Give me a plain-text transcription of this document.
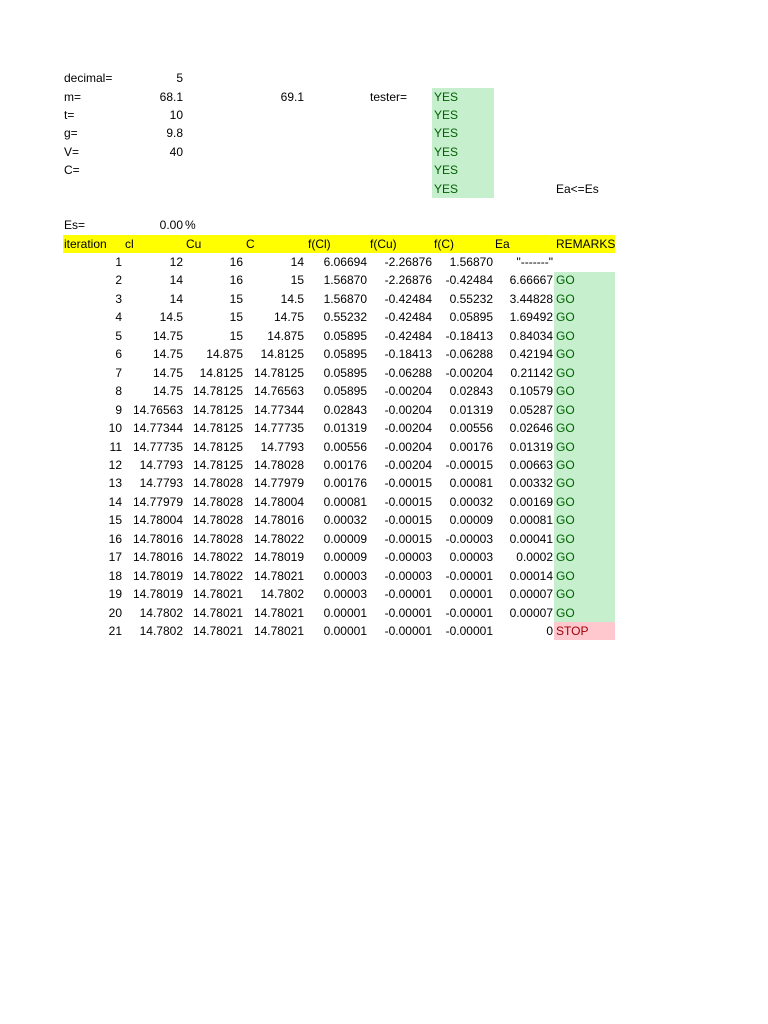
decimal=	5
m=	68.1	69.1	tester=
t=	10
g=	9.8
V=	40
C=
YES
YES
YES
YES
YES
YES	Ea<=Es
Es=	0.00 %
iteration cl	Cu	C	f(Cl)	f(Cu)	f(C)	Ea	REMARKS
1	12	16	14	6.06694	-2.26876	1.56870	"-------"
2	14	16	15	1.56870	-2.26876	-0.42484	6.66667 GO
3	14	15	14.5	1.56870	-0.42484	0.55232	3.44828 GO
4	14.5	15	14.75	0.55232	-0.42484	0.05895	1.69492 GO
5	14.75	15	14.875	0.05895	-0.42484	-0.18413	0.84034 GO
6	14.75	14.875	14.8125	0.05895	-0.18413	-0.06288	0.42194 GO
7	14.75	14.8125 14.78125	0.05895	-0.06288	-0.00204	0.21142 GO
8	14.75 14.78125 14.76563	0.05895	-0.00204	0.02843	0.10579 GO
9 14.76563 14.78125 14.77344	0.02843	-0.00204	0.01319	0.05287 GO
10 14.77344 14.78125 14.77735	0.01319	-0.00204	0.00556	0.02646 GO
11 14.77735 14.78125	14.7793	0.00556	-0.00204	0.00176	0.01319 GO
12	14.7793 14.78125 14.78028	0.00176	-0.00204	-0.00015	0.00663 GO
13	14.7793 14.78028 14.77979	0.00176	-0.00015	0.00081	0.00332 GO
14 14.77979 14.78028 14.78004	0.00081	-0.00015	0.00032	0.00169 GO
15 14.78004 14.78028 14.78016	0.00032	-0.00015	0.00009	0.00081 GO
16 14.78016 14.78028 14.78022	0.00009	-0.00015	-0.00003	0.00041 GO
17 14.78016 14.78022 14.78019	0.00009	-0.00003	0.00003	0.0002 GO
18 14.78019 14.78022 14.78021	0.00003	-0.00003	-0.00001	0.00014 GO
19 14.78019 14.78021	14.7802	0.00003	-0.00001	0.00001	0.00007 GO
20	14.7802 14.78021 14.78021	0.00001	-0.00001	-0.00001	0.00007 GO
21	14.7802 14.78021 14.78021	0.00001	-0.00001	-0.00001	0 STOP
